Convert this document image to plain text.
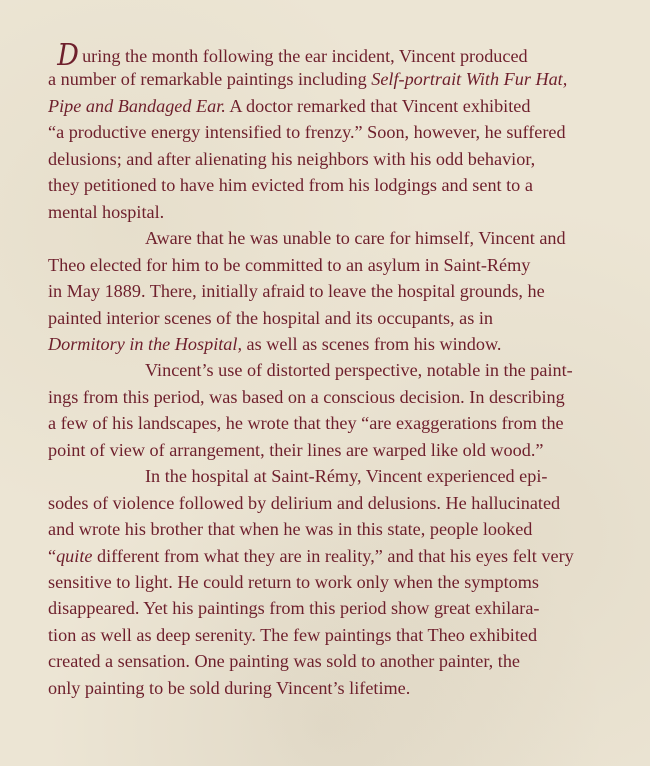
During the month following the ear incident, Vincent produced
a number of remarkable paintings including Self-portrait With Fur Hat,
Pipe and Bandaged Ear. A doctor remarked that Vincent exhibited
“a productive energy intensified to frenzy.” Soon, however, he suffered
delusions; and after alienating his neighbors with his odd behavior,
they petitioned to have him evicted from his lodgings and sent to a
mental hospital.
Aware that he was unable to care for himself, Vincent and
Theo elected for him to be committed to an asylum in Saint-Rémy
in May 1889. There, initially afraid to leave the hospital grounds, he
painted interior scenes of the hospital and its occupants, as in
Dormitory in the Hospital, as well as scenes from his window.
Vincent’s use of distorted perspective, notable in the paint-
ings from this period, was based on a conscious decision. In describing
a few of his landscapes, he wrote that they “are exaggerations from the
point of view of arrangement, their lines are warped like old wood.”
In the hospital at Saint-Rémy, Vincent experienced epi-
sodes of violence followed by delirium and delusions. He hallucinated
and wrote his brother that when he was in this state, people looked
“quite different from what they are in reality,” and that his eyes felt very
sensitive to light. He could return to work only when the symptoms
disappeared. Yet his paintings from this period show great exhilara-
tion as well as deep serenity. The few paintings that Theo exhibited
created a sensation. One painting was sold to another painter, the
only painting to be sold during Vincent’s lifetime.
